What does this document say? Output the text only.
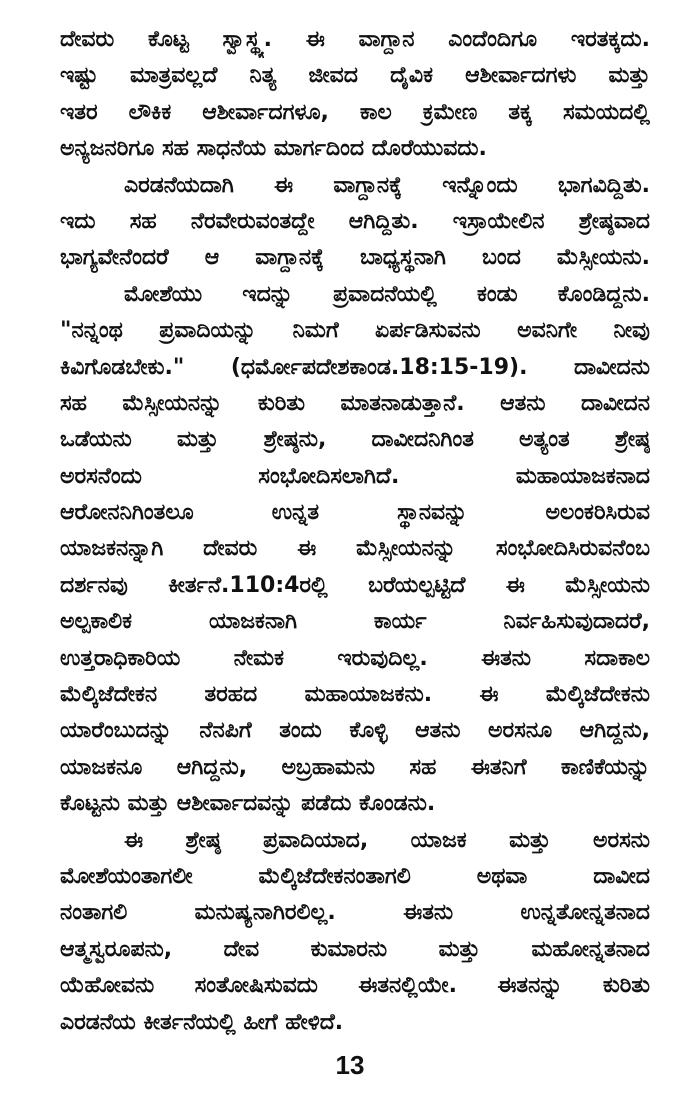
ದೇವರು ಕೊಟ್ಟ ಸ್ವಾಸ್ಥ್ಯ. ಈ ವಾಗ್ದಾನ ಎಂದೆಂದಿಗೂ ಇರತಕ್ಕದು.
ಇಷ್ಟು ಮಾತ್ರವಲ್ಲದೆ ನಿತ್ಯ ಜೀವದ ದೈವಿಕ ಆಶೀರ್ವಾದಗಳು ಮತ್ತು
ಇತರ ಲೌಕಿಕ ಆಶೀರ್ವಾದಗಳೂ, ಕಾಲ ಕ್ರಮೇಣ ತಕ್ಕ ಸಮಯದಲ್ಲಿ
ಅನ್ಯಜನರಿಗೂ ಸಹ ಸಾಧನೆಯ ಮಾರ್ಗದಿಂದ ದೊರೆಯುವದು.
ಎರಡನೆಯದಾಗಿ ಈ ವಾಗ್ದಾನಕ್ಕೆ ಇನ್ನೊಂದು ಭಾಗವಿದ್ದಿತು.
ಇದು ಸಹ ನೆರವೇರುವಂತದ್ದೇ ಆಗಿದ್ದಿತು. ಇಸ್ರಾಯೇಲಿನ ಶ್ರೇಷ್ಠವಾದ
ಭಾಗ್ಯವೇನೆಂದರೆ ಆ ವಾಗ್ದಾನಕ್ಕೆ ಬಾಧ್ಯಸ್ಥನಾಗಿ ಬಂದ ಮೆಸ್ಸೀಯನು.
ಮೋಶೆಯು ಇದನ್ನು ಪ್ರವಾದನೆಯಲ್ಲಿ ಕಂಡು ಕೊಂಡಿದ್ದನು.
"ನನ್ನಂಥ ಪ್ರವಾದಿಯನ್ನು ನಿಮಗೆ ಏರ್ಪಡಿಸುವನು ಅವನಿಗೇ ನೀವು
ಕಿವಿಗೊಡಬೇಕು." (ಧರ್ಮೋಪದೇಶಕಾಂಡ.18:15-19). ದಾವೀದನು
ಸಹ ಮೆಸ್ಸೀಯನನ್ನು ಕುರಿತು ಮಾತನಾಡುತ್ತಾನೆ. ಆತನು ದಾವೀದನ
ಒಡೆಯನು ಮತ್ತು ಶ್ರೇಷ್ಠನು, ದಾವೀದನಿಗಿಂತ ಅತ್ಯಂತ ಶ್ರೇಷ್ಠ
ಅರಸನೆಂದು ಸಂಭೋದಿಸಲಾಗಿದೆ. ಮಹಾಯಾಜಕನಾದ
ಆರೋನನಿಗಿಂತಲೂ ಉನ್ನತ ಸ್ಥಾನವನ್ನು ಅಲಂಕರಿಸಿರುವ
ಯಾಜಕನನ್ನಾಗಿ ದೇವರು ಈ ಮೆಸ್ಸೀಯನನ್ನು ಸಂಭೋದಿಸಿರುವನೆಂಬ
ದರ್ಶನವು ಕೀರ್ತನೆ.110:4ರಲ್ಲಿ ಬರೆಯಲ್ಪಟ್ಟಿದೆ ಈ ಮೆಸ್ಸೀಯನು
ಅಲ್ಪಕಾಲಿಕ ಯಾಜಕನಾಗಿ ಕಾರ್ಯ ನಿರ್ವಹಿಸುವುದಾದರೆ,
ಉತ್ತರಾಧಿಕಾರಿಯ ನೇಮಕ ಇರುವುದಿಲ್ಲ. ಈತನು ಸದಾಕಾಲ
ಮೆಲ್ಕಿಜೆದೇಕನ ತರಹದ ಮಹಾಯಾಜಕನು. ಈ ಮೆಲ್ಕಿಜೆದೇಕನು
ಯಾರೆಂಬುದನ್ನು ನೆನಪಿಗೆ ತಂದು ಕೊಳ್ಳಿ ಆತನು ಅರಸನೂ ಆಗಿದ್ದನು,
ಯಾಜಕನೂ ಆಗಿದ್ದನು, ಅಬ್ರಹಾಮನು ಸಹ ಈತನಿಗೆ ಕಾಣಿಕೆಯನ್ನು
ಕೊಟ್ಟನು ಮತ್ತು ಆಶೀರ್ವಾದವನ್ನು ಪಡೆದು ಕೊಂಡನು.
ಈ ಶ್ರೇಷ್ಠ ಪ್ರವಾದಿಯಾದ, ಯಾಜಕ ಮತ್ತು ಅರಸನು
ಮೋಶೆಯಂತಾಗಲೀ ಮೆಲ್ಕಿಜೆದೇಕನಂತಾಗಲಿ ಅಥವಾ ದಾವೀದ
ನಂತಾಗಲಿ ಮನುಷ್ಯನಾಗಿರಲಿಲ್ಲ. ಈತನು ಉನ್ನತೋನ್ನತನಾದ
ಆತ್ಮಸ್ವರೂಪನು, ದೇವ ಕುಮಾರನು ಮತ್ತು ಮಹೋನ್ನತನಾದ
ಯೆಹೋವನು ಸಂತೋಷಿಸುವದು ಈತನಲ್ಲಿಯೇ. ಈತನನ್ನು ಕುರಿತು
ಎರಡನೆಯ ಕೀರ್ತನೆಯಲ್ಲಿ ಹೀಗೆ ಹೇಳಿದೆ.
13
